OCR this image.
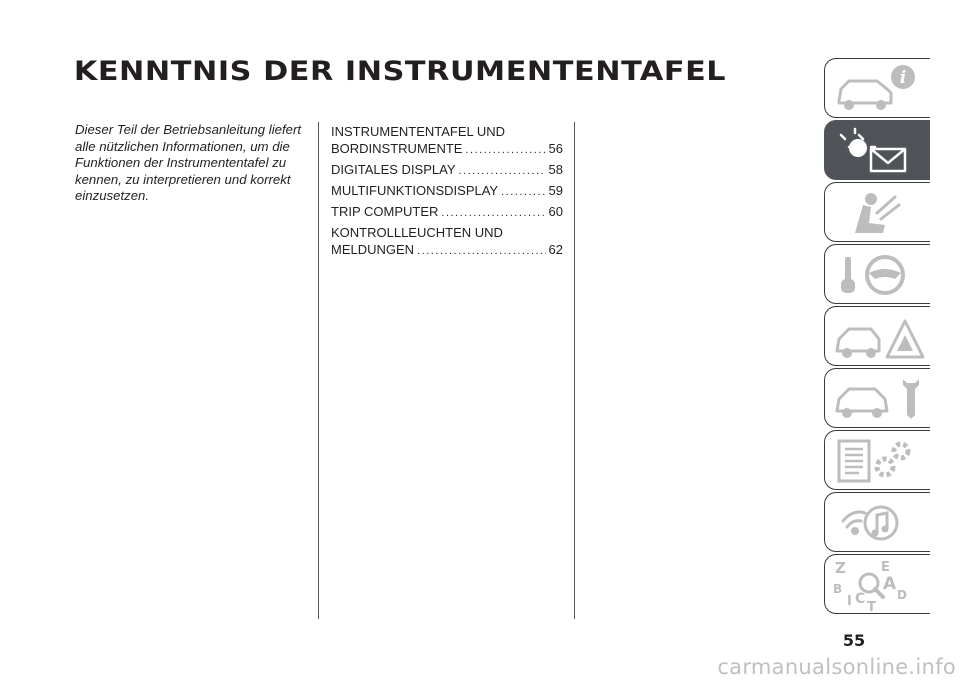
KENNTNIS DER INSTRUMENTENTAFEL

Dieser Teil der Betriebsanleitung liefert alle nützlichen Informationen, um die Funktionen der Instrumententafel zu kennen, zu interpretieren und korrekt einzusetzen.

INSTRUMENTENTAFEL UND
BORDINSTRUMENTE .....	56
DIGITALES DISPLAY .....	58
MULTIFUNKTIONSDISPLAY .....	59
TRIP COMPUTER .....	60
KONTROLLLEUCHTEN UND
MELDUNGEN .....	62
i
Z	E
B A
D
I C
T
55
carmanualsonline.info
